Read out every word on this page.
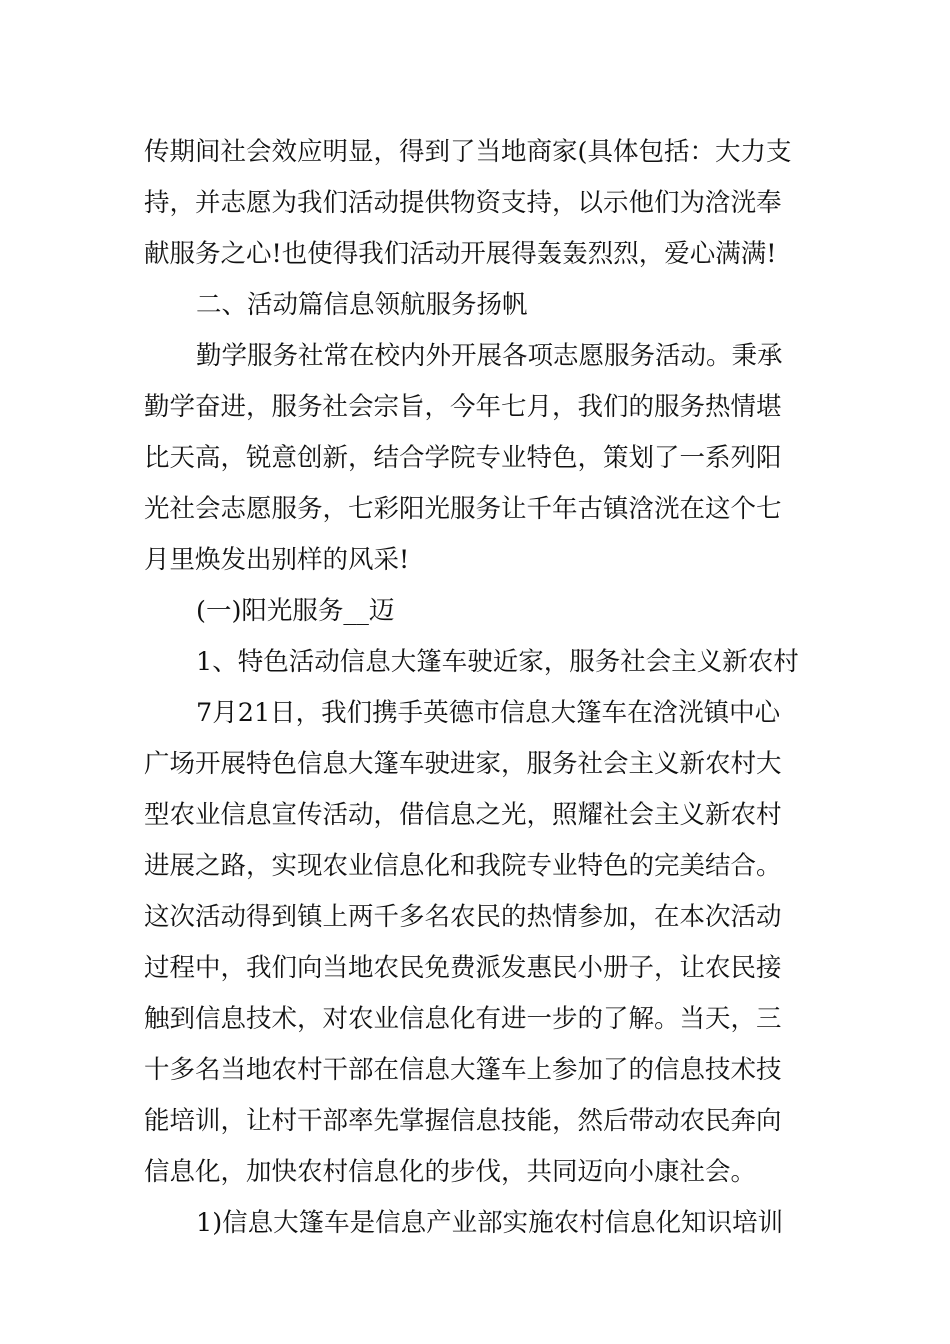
传期间社会效应明显，得到了当地商家(具体包括：大力支
持，并志愿为我们活动提供物资支持，以示他们为浛洸奉
献服务之心!也使得我们活动开展得轰轰烈烈，爱心满满!
二、活动篇信息领航服务扬帆
勤学服务社常在校内外开展各项志愿服务活动。秉承
勤学奋进，服务社会宗旨，今年七月，我们的服务热情堪
比天高，锐意创新，结合学院专业特色，策划了一系列阳
光社会志愿服务，七彩阳光服务让千年古镇浛洸在这个七
月里焕发出别样的风采!
(一)阳光服务__迈
1、特色活动信息大篷车驶近家，服务社会主义新农村
7月21日，我们携手英德市信息大篷车在浛洸镇中心
广场开展特色信息大篷车驶进家，服务社会主义新农村大
型农业信息宣传活动，借信息之光，照耀社会主义新农村
进展之路，实现农业信息化和我院专业特色的完美结合。
这次活动得到镇上两千多名农民的热情参加，在本次活动
过程中，我们向当地农民免费派发惠民小册子，让农民接
触到信息技术，对农业信息化有进一步的了解。当天，三
十多名当地农村干部在信息大篷车上参加了的信息技术技
能培训，让村干部率先掌握信息技能，然后带动农民奔向
信息化，加快农村信息化的步伐，共同迈向小康社会。
1)信息大篷车是信息产业部实施农村信息化知识培训
